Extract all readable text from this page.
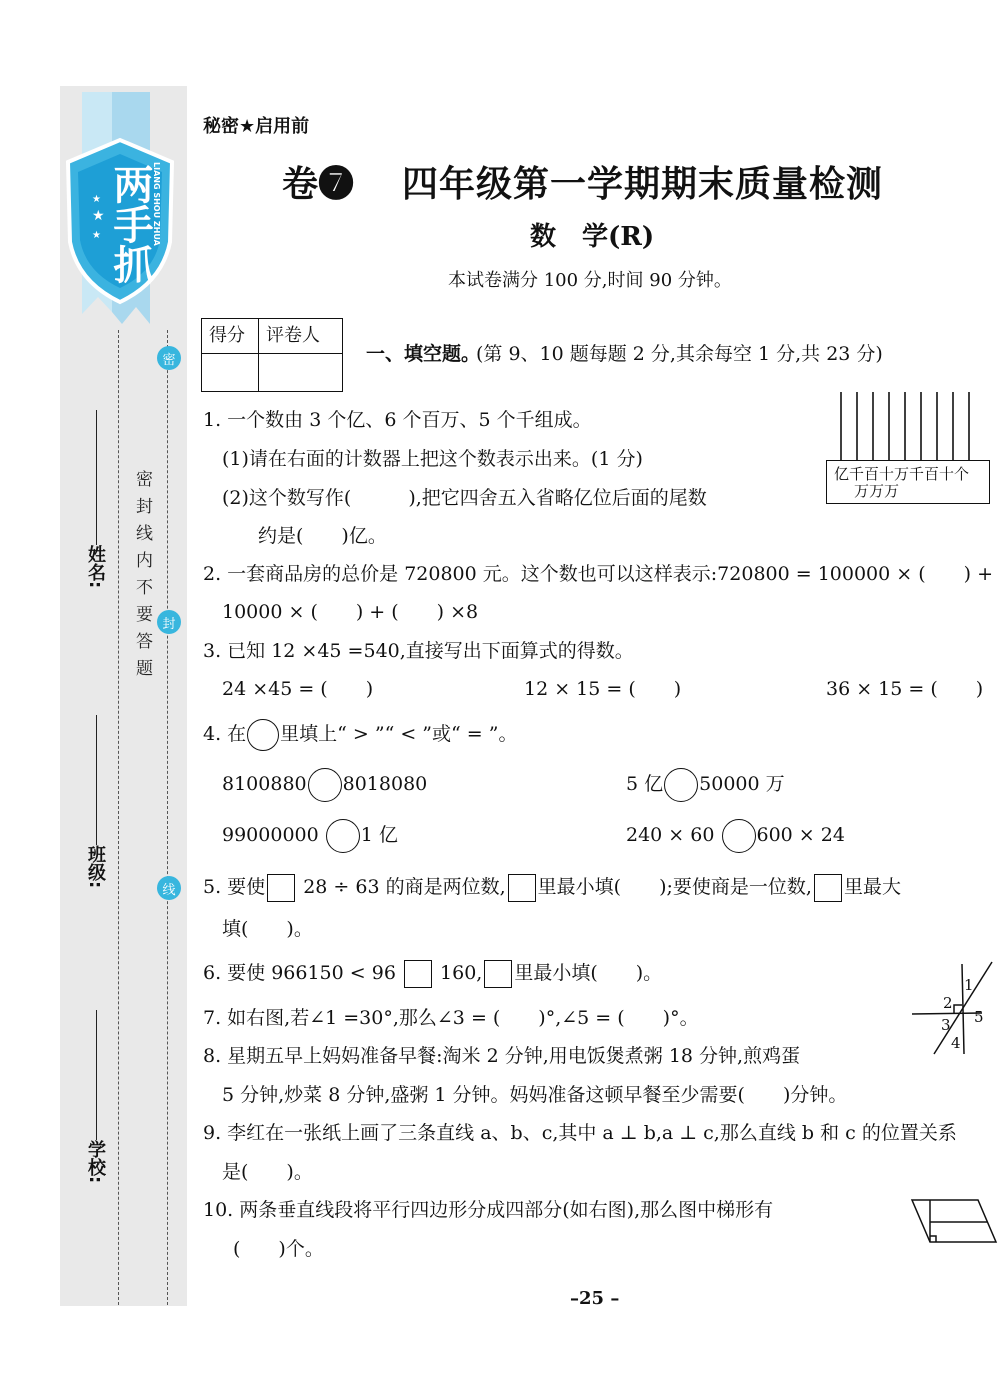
★
★
★ 两手抓 LIANG SHOU ZHUA
密
封
线
密封线内不要答题
姓名:
班级:
学校:
秘密★启用前
卷❼ 四年级第一学期期末质量检测
数　学(R)
本试卷满分 100 分,时间 90 分钟。
得分 评卷人
一、填空题。
(第 9、10 题每题 2 分,其余每空 1 分,共 23 分)
亿千百十万千百十个
万万万
1. 一个数由 3 个亿、6 个百万、5 个千组成。
(1)请在右面的计数器上把这个数表示出来。(1 分)
(2)这个数写作(　　　),把它四舍五入省略亿位后面的尾数
约是(　　)亿。
2. 一套商品房的总价是 720800 元。这个数也可以这样表示:720800 = 100000 × (　　) +
10000 × (　　) + (　　) ×8
3. 已知 12 ×45 =540,直接写出下面算式的得数。
24 ×45 = (　　)	12 × 15 = (　　)	36 × 15 = (　　)
4. 在 里填上“ > ”“ < ”或“ = ”。
8100880 8018080	5 亿 50000 万
99000000 1 亿	240 × 60 600 × 24
5. 要使 28 ÷ 63 的商是两位数, 里最小填(　　);要使商是一位数, 里最大
填(　　)。
6. 要使 966150 < 96 160, 里最小填(　　)。
7. 如右图,若∠1 =30°,那么∠3 = (　　)°,∠5 = (　　)°。
1
2
3
4
5
8. 星期五早上妈妈准备早餐:淘米 2 分钟,用电饭煲煮粥 18 分钟,煎鸡蛋
5 分钟,炒菜 8 分钟,盛粥 1 分钟。妈妈准备这顿早餐至少需要(　　)分钟。
9. 李红在一张纸上画了三条直线 a、b、c,其中 a ⊥ b,a ⊥ c,那么直线 b 和 c 的位置关系
是(　　)。
10. 两条垂直线段将平行四边形分成四部分(如右图),那么图中梯形有
(　　)个。
–25 –
